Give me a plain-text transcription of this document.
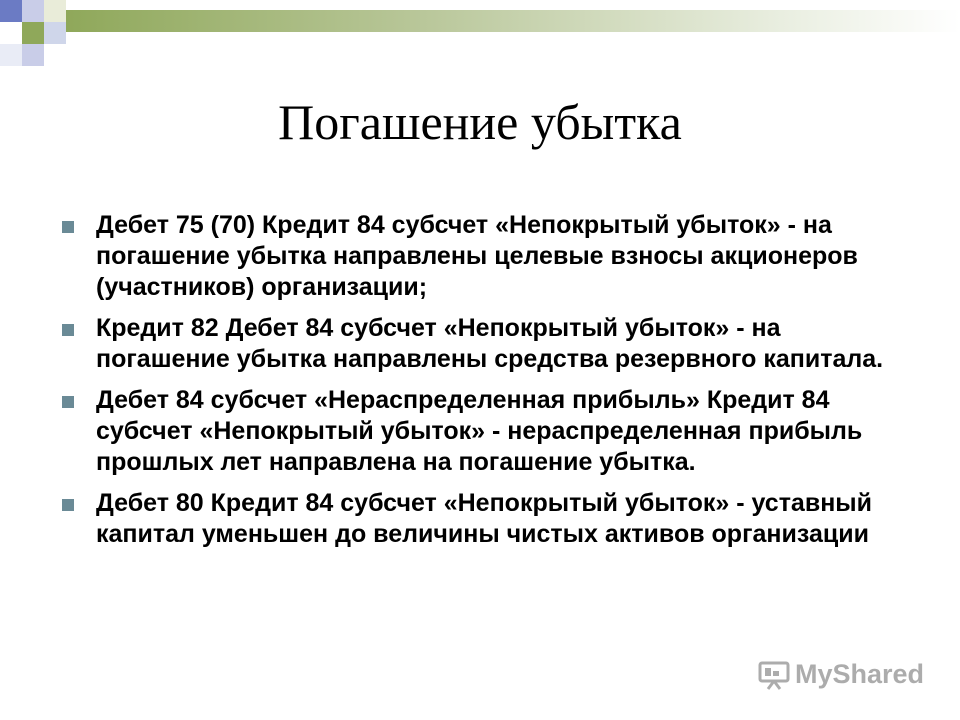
Погашение убытка
Дебет 75 (70) Кредит 84 субсчет «Непокрытый убыток» - на погашение убытка направлены целевые взносы акционеров (участников) организации;
Кредит 82 Дебет 84 субсчет «Непокрытый убыток» - на погашение убытка направлены средства резервного капитала.
Дебет 84 субсчет «Нераспределенная прибыль» Кредит 84 субсчет «Непокрытый убыток» - нераспределенная прибыль прошлых лет направлена на погашение убытка.
Дебет 80 Кредит 84 субсчет «Непокрытый убыток» - уставный капитал уменьшен до величины чистых активов организации
MyShared
